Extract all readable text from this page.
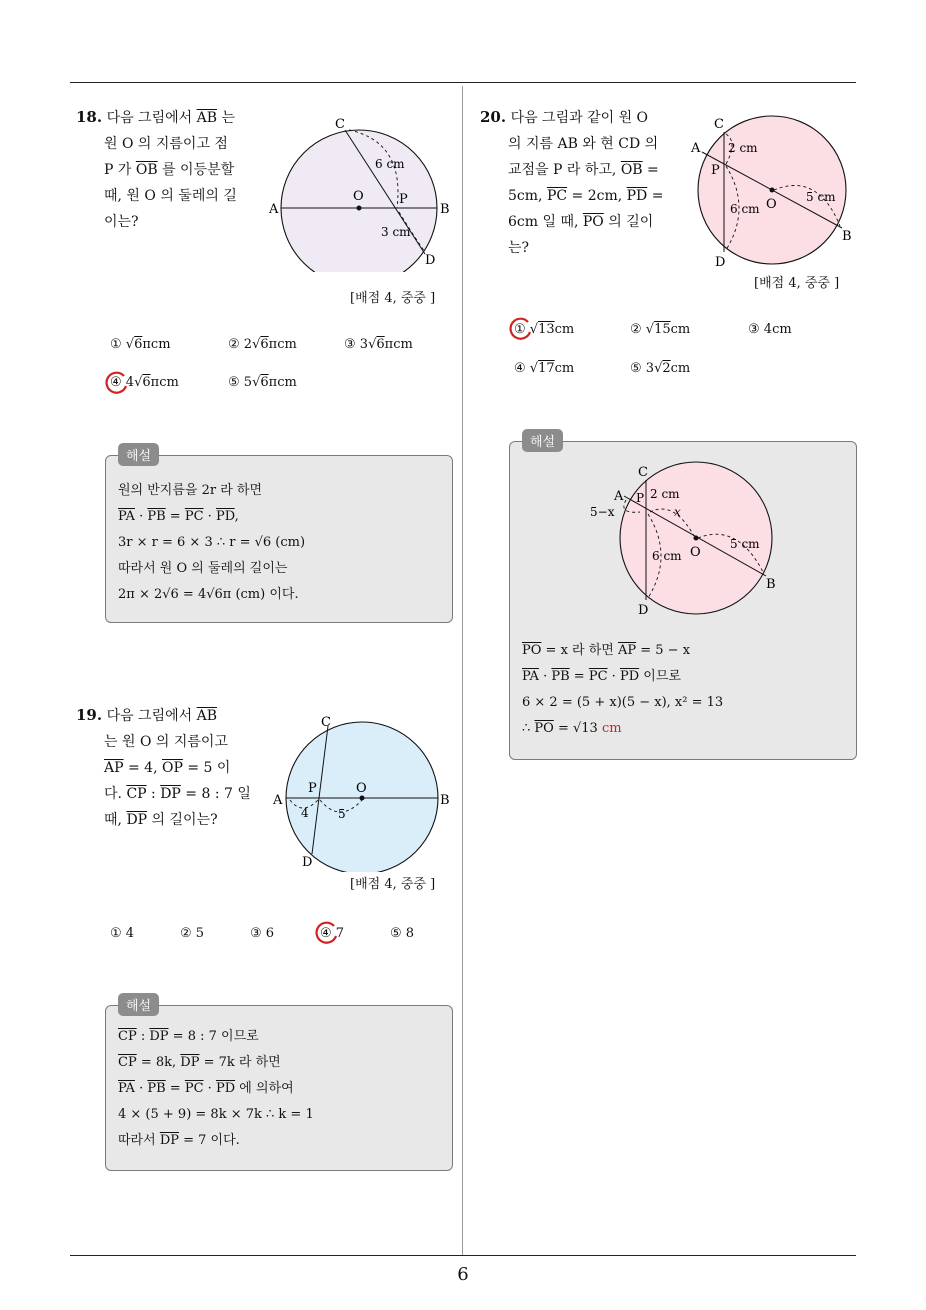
18. 다음 그림에서 $\overline{AB}$ 는
원 O 의 지름이고 점
P 가 $\overline{OB}$ 를 이등분할
때, 원 O 의 둘레의 길
이는?
C
A	B
O	P
D
6 cm
3 cm
[배점 4, 중중 ]
① √6πcm	② 2√6πcm	③ 3√6πcm
④ 4√6πcm	⑤ 5√6πcm
해설
원의 반지름을 2r 라 하면
$\overline{PA} \cdot \overline{PB} = \overline{PC} \cdot \overline{PD}$,
3r × r = 6 × 3 ∴ r = √6 (cm)
따라서 원 O 의 둘레의 길이는
2π × 2√6 = 4√6π (cm) 이다.
19. 다음 그림에서 $\overline{AB}$
는 원 O 의 지름이고
$\overline{AP} = 4$, $\overline{OP} = 5$ 이
다. $\overline{CP}$ : $\overline{DP} = 8$ : 7 일
때, $\overline{DP}$ 의 길이는?
C
A	B
O
P
D
4 5
[배점 4, 중중 ]
① 4	② 5	③ 6	④ 7	⑤ 8
해설
$\overline{CP}$ : $\overline{DP} = 8$ : 7 이므로
$\overline{CP} = 8k$, $\overline{DP} = 7k$ 라 하면
$\overline{PA} \cdot \overline{PB} = \overline{PC} \cdot \overline{PD}$ 에 의하여
4 × (5 + 9) = 8k × 7k ∴ k = 1
따라서 $\overline{DP} = 7$ 이다.
20. 다음 그림과 같이 원 O
의 지름 AB 와 현 CD 의
교점을 P 라 하고, $\overline{OB}$ =
5cm, $\overline{PC} = 2cm$, $\overline{PD}$ =
6cm 일 때, $\overline{PO}$ 의 길이
는?
C
A
P
O
B
D
2 cm
6 cm
5 cm
[배점 4, 중중 ]
① √13cm	② √15cm	③ 4cm
④ √17cm	⑤ 3√2cm
해설
C
A P
O
B
D
2 cm
6 cm
5 cm
5−x	x
$\overline{PO} = x$ 라 하면 $\overline{AP} = 5 - x$
$\overline{PA} \cdot \overline{PB} = \overline{PC} \cdot \overline{PD}$ 이므로
6 × 2 = (5 + x)(5 − x), x² = 13
∴ $\overline{PO} = √13$ cm
6
